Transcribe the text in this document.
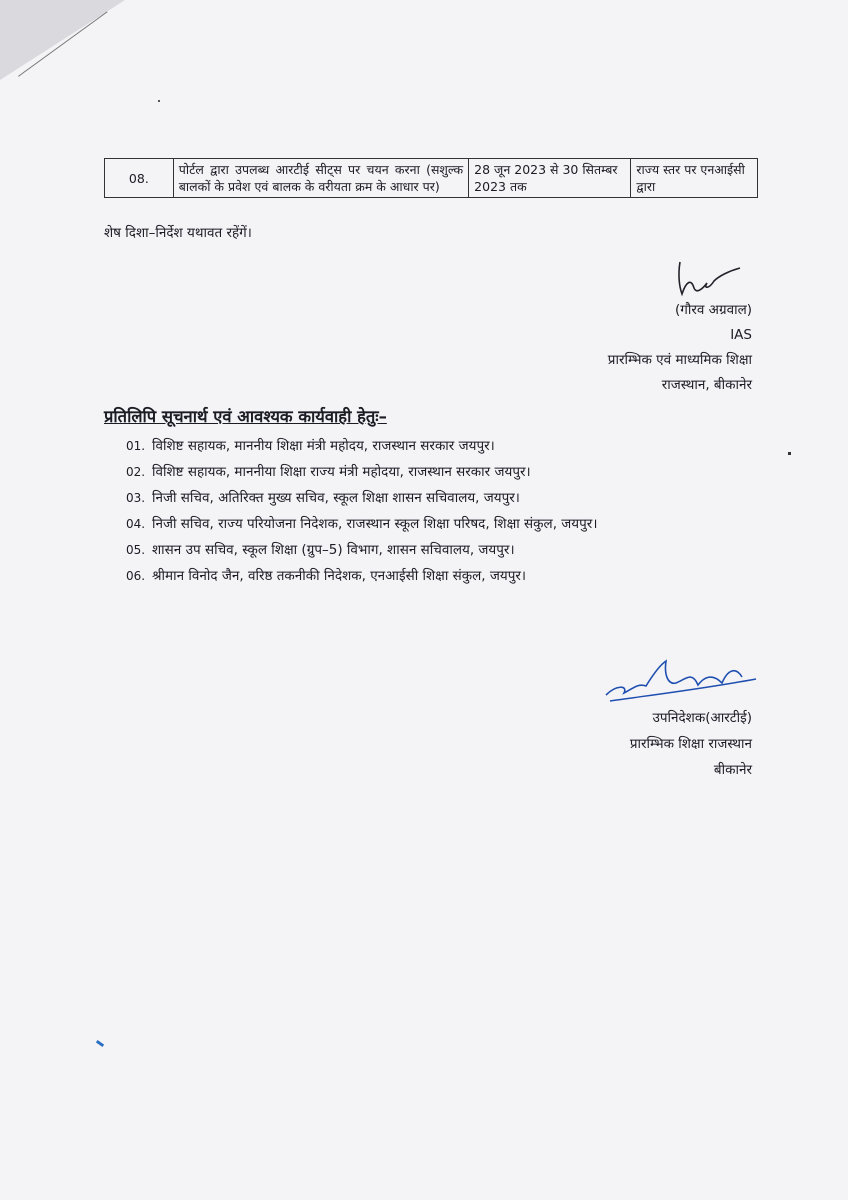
08.	पोर्टल द्वारा उपलब्ध आरटीई सीट्स पर चयन करना (सशुल्क बालकों के प्रवेश एवं बालक के वरीयता क्रम के आधार पर)	28 जून 2023 से 30 सितम्बर 2023 तक	राज्य स्तर पर एनआईसी द्वारा
शेष दिशा–निर्देश यथावत रहेंगें।
(गौरव अग्रवाल)
IAS
प्रारम्भिक एवं माध्यमिक शिक्षा
राजस्थान, बीकानेर
प्रतिलिपि सूचनार्थ एवं आवश्यक कार्यवाही हेतुः–
01. विशिष्ट सहायक, माननीय शिक्षा मंत्री महोदय, राजस्थान सरकार जयपुर।
02. विशिष्ट सहायक, माननीया शिक्षा राज्य मंत्री महोदया, राजस्थान सरकार जयपुर।
03. निजी सचिव, अतिरिक्त मुख्य सचिव, स्कूल शिक्षा शासन सचिवालय, जयपुर।
04. निजी सचिव, राज्य परियोजना निदेशक, राजस्थान स्कूल शिक्षा परिषद, शिक्षा संकुल, जयपुर।
05. शासन उप सचिव, स्कूल शिक्षा (ग्रुप–5) विभाग, शासन सचिवालय, जयपुर।
06. श्रीमान विनोद जैन, वरिष्ठ तकनीकी निदेशक, एनआईसी शिक्षा संकुल, जयपुर।
उपनिदेशक(आरटीई)
प्रारम्भिक शिक्षा राजस्थान
बीकानेर
